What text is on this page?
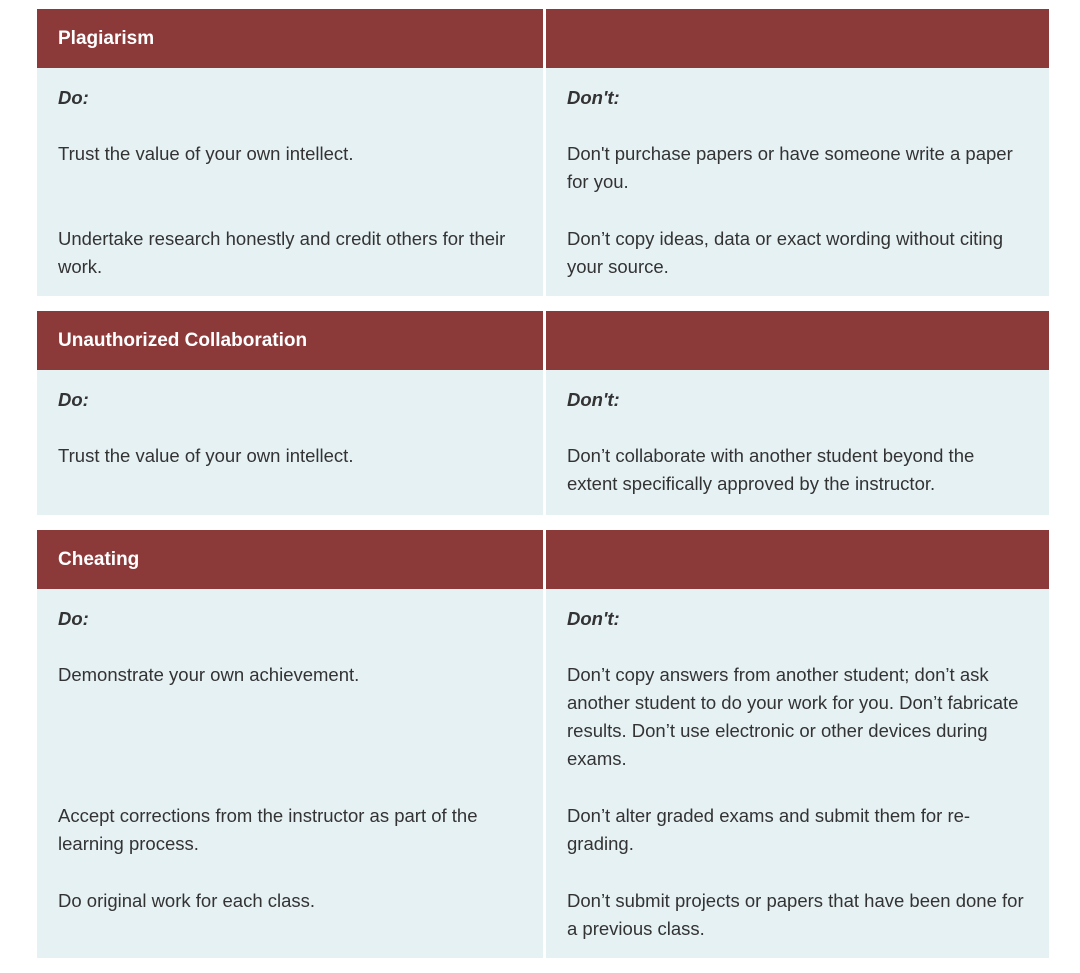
Plagiarism	
Do:	Don't:
Trust the value of your own intellect.	Don't purchase papers or have someone write a paper for you.
Undertake research honestly and credit others for their work.	Don’t copy ideas, data or exact wording without citing your source.
Unauthorized Collaboration	
Do:	Don't:
Trust the value of your own intellect.	Don’t collaborate with another student beyond the extent specifically approved by the instructor.
Cheating	
Do:	Don't:
Demonstrate your own achievement.	Don’t copy answers from another student; don’t ask another student to do your work for you. Don’t fabricate results. Don’t use electronic or other devices during exams.
Accept corrections from the instructor as part of the learning process.	Don’t alter graded exams and submit them for re-grading.
Do original work for each class.	Don’t submit projects or papers that have been done for a previous class.
